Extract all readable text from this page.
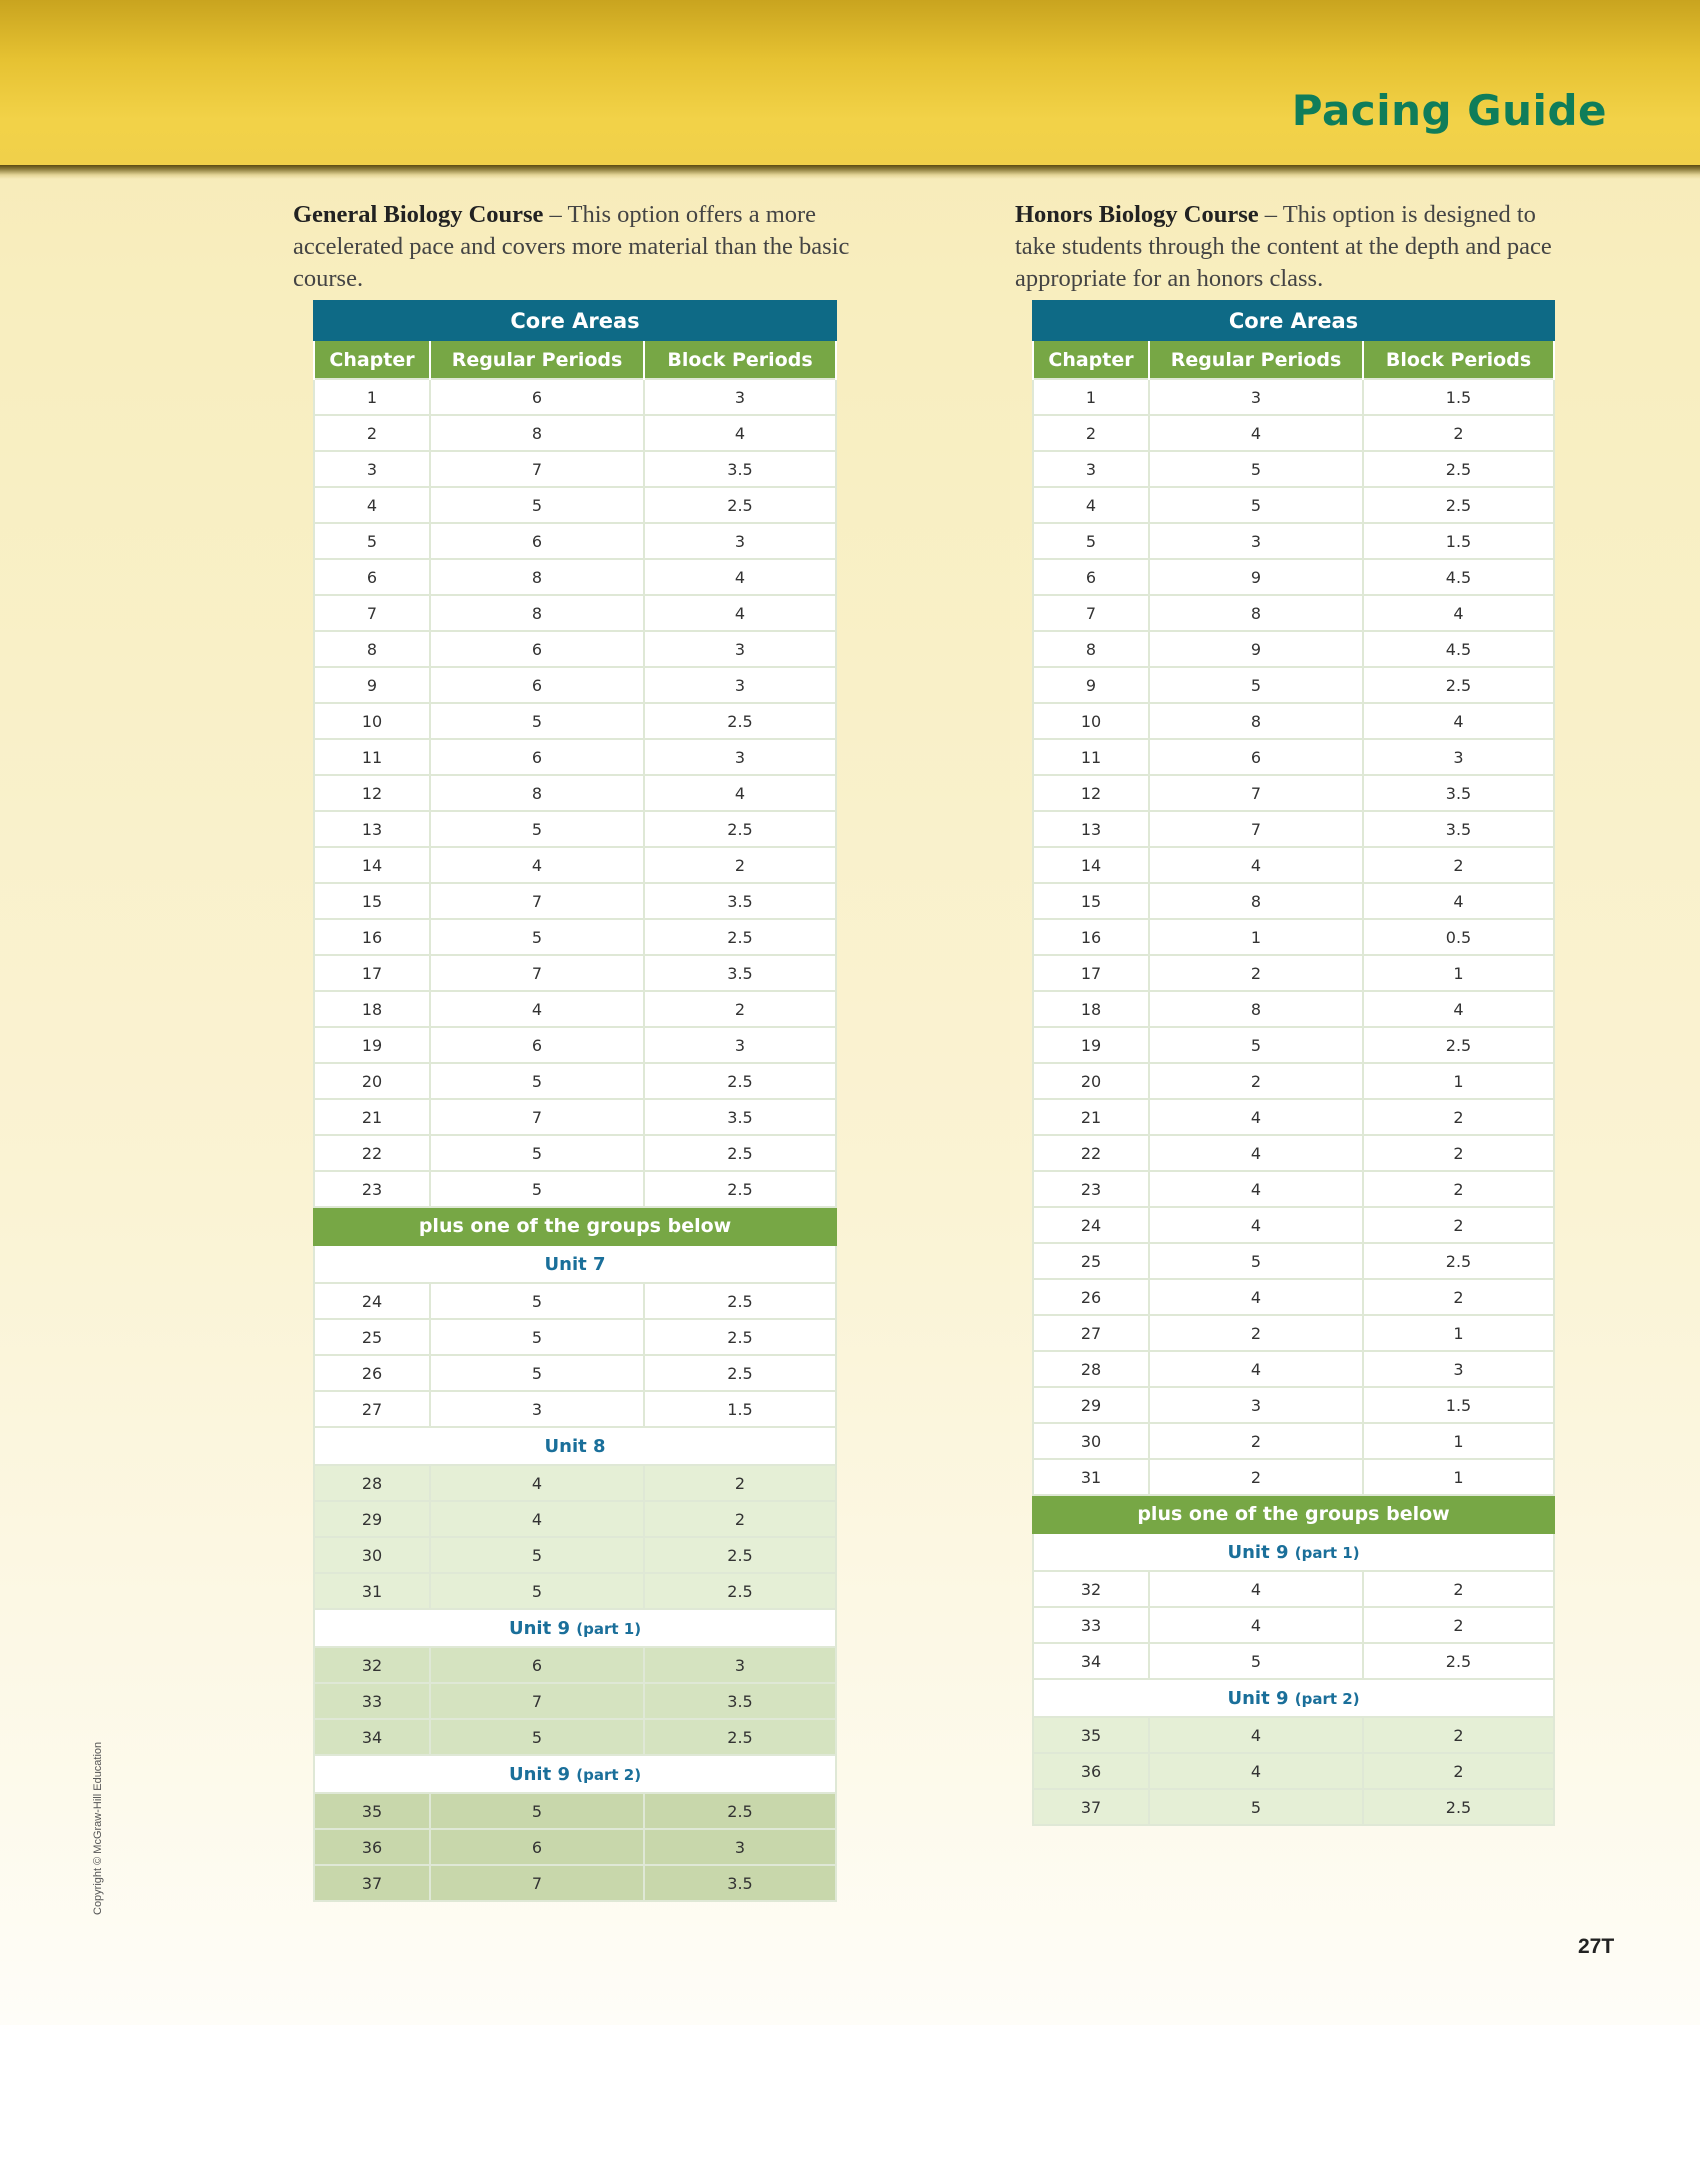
Pacing Guide
General Biology Course – This option offers a more accelerated pace and covers more material than the basic course.
Honors Biology Course – This option is designed to take students through the content at the depth and pace appropriate for an honors class.
Core Areas		
Chapter	Regular Periods	Block Periods
1	6	3
2	8	4
3	7	3.5
4	5	2.5
5	6	3
6	8	4
7	8	4
8	6	3
9	6	3
10	5	2.5
11	6	3
12	8	4
13	5	2.5
14	4	2
15	7	3.5
16	5	2.5
17	7	3.5
18	4	2
19	6	3
20	5	2.5
21	7	3.5
22	5	2.5
23	5	2.5
plus one of the groups below		
Unit 7		
24	5	2.5
25	5	2.5
26	5	2.5
27	3	1.5
Unit 8		
28	4	2
29	4	2
30	5	2.5
31	5	2.5
Unit 9 (part 1)		
32	6	3
33	7	3.5
34	5	2.5
Unit 9 (part 2)		
35	5	2.5
36	6	3
37	7	3.5
Core Areas		
Chapter	Regular Periods	Block Periods
1	3	1.5
2	4	2
3	5	2.5
4	5	2.5
5	3	1.5
6	9	4.5
7	8	4
8	9	4.5
9	5	2.5
10	8	4
11	6	3
12	7	3.5
13	7	3.5
14	4	2
15	8	4
16	1	0.5
17	2	1
18	8	4
19	5	2.5
20	2	1
21	4	2
22	4	2
23	4	2
24	4	2
25	5	2.5
26	4	2
27	2	1
28	4	3
29	3	1.5
30	2	1
31	2	1
plus one of the groups below		
Unit 9 (part 1)		
32	4	2
33	4	2
34	5	2.5
Unit 9 (part 2)		
35	4	2
36	4	2
37	5	2.5
Copyright © McGraw-Hill Education
27T
